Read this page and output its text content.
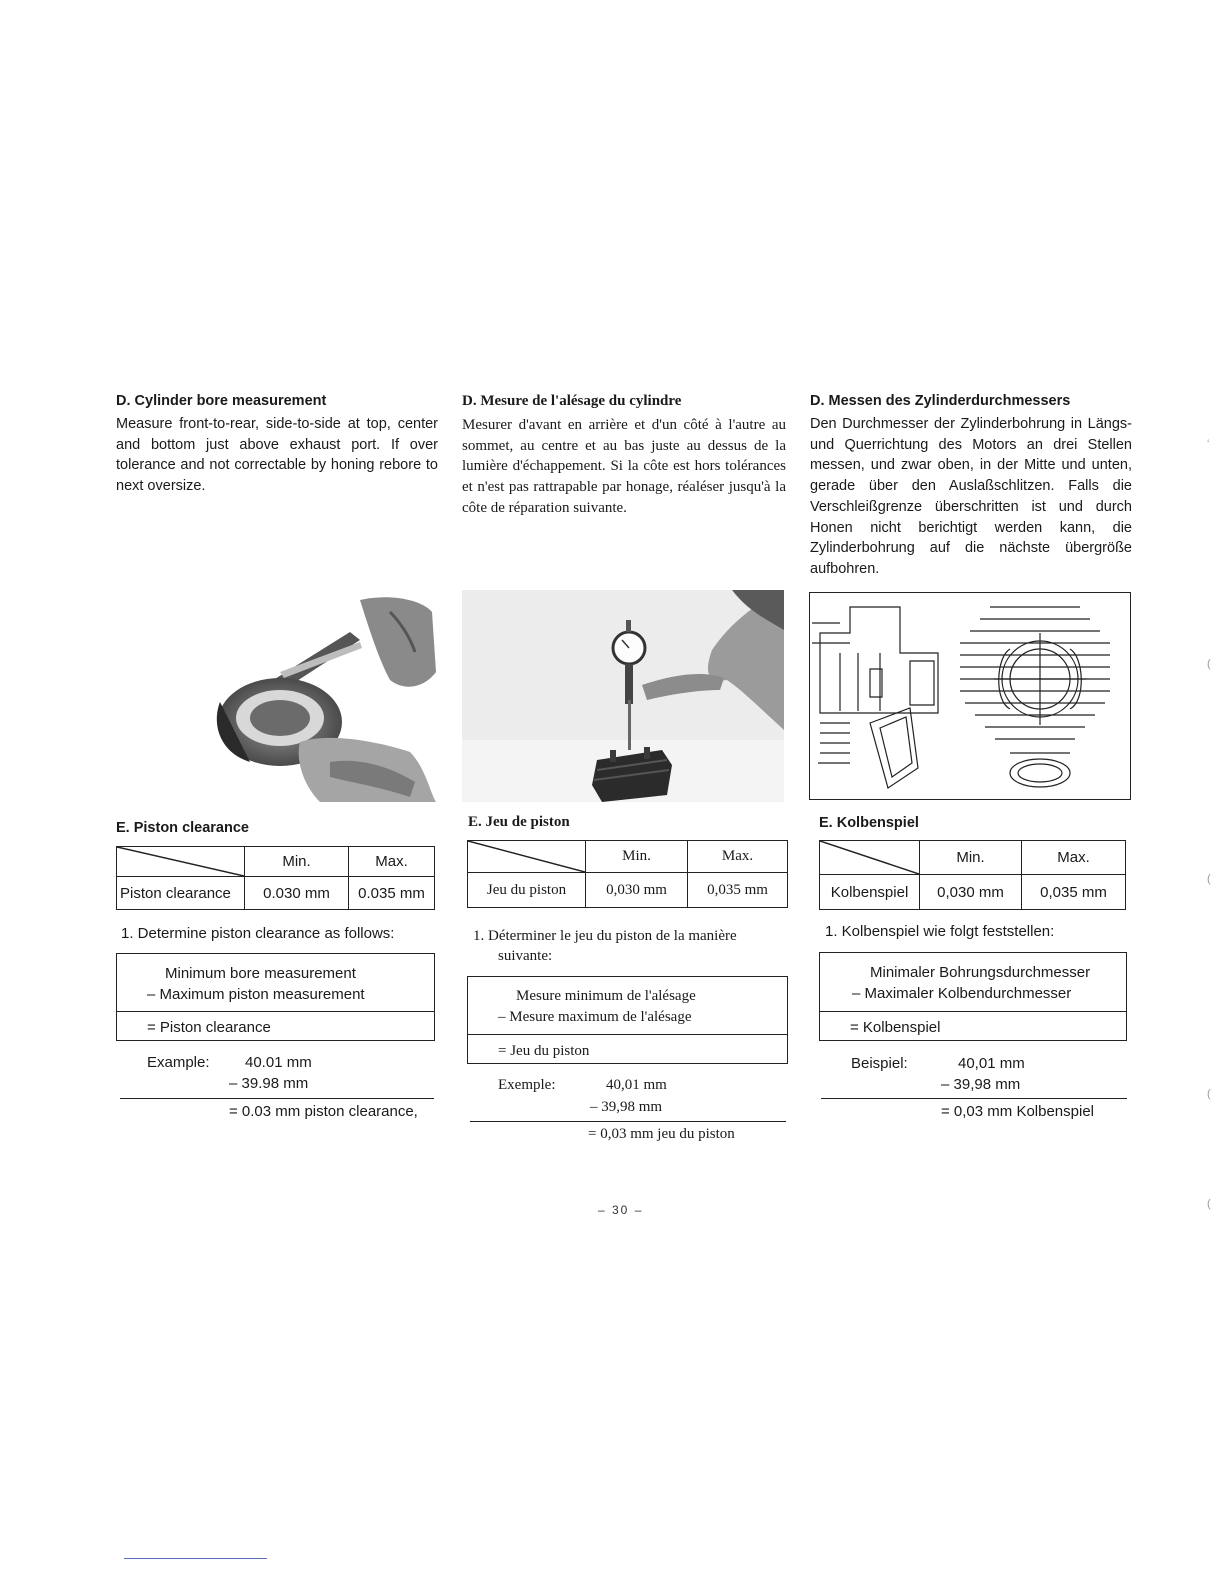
D. Cylinder bore measurement

Measure front-to-rear, side-to-side at top, center and bottom just above exhaust port. If over tolerance and not correctable by honing rebore to next oversize.

E. Piston clearance
	Min.	Max.
Piston clearance	0.030 mm	0.035 mm
1. Determine piston clearance as follows:
Minimum bore measurement
– Maximum piston measurement
= Piston clearance
Example: 40.01 mm
– 39.98 mm
= 0.03 mm piston clearance,

D. Mesure de l'alésage du cylindre

Mesurer d'avant en arrière et d'un côté à l'autre au sommet, au centre et au bas juste au dessus de la lumière d'échappement. Si la côte est hors tolérances et n'est pas rattrapable par honage, réaléser jusqu'à la côte de réparation suivante.

E. Jeu de piston
	Min.	Max.
Jeu du piston	0,030 mm	0,035 mm
1. Déterminer le jeu du piston de la manière
suivante:
Mesure minimum de l'alésage
– Mesure maximum de l'alésage
= Jeu du piston
Exemple:	40,01 mm
– 39,98 mm
= 0,03 mm jeu du piston

D. Messen des Zylinderdurchmessers

Den Durchmesser der Zylinderbohrung in Längs- und Querrichtung des Motors an drei Stellen messen, und zwar oben, in der Mitte und unten, gerade über den Auslaßschlitzen. Falls die Verschleißgrenze überschritten ist und durch Honen nicht berichtigt werden kann, die Zylinderbohrung auf die nächste übergröße aufbohren.

E. Kolbenspiel
	Min.	Max.
Kolbenspiel	0,030 mm	0,035 mm
1. Kolbenspiel wie folgt feststellen:
Minimaler Bohrungsdurchmesser
– Maximaler Kolbendurchmesser
= Kolbenspiel
Beispiel:	40,01 mm
– 39,98 mm
= 0,03 mm Kolbenspiel
– 30 –
‘
(
(
(
(
